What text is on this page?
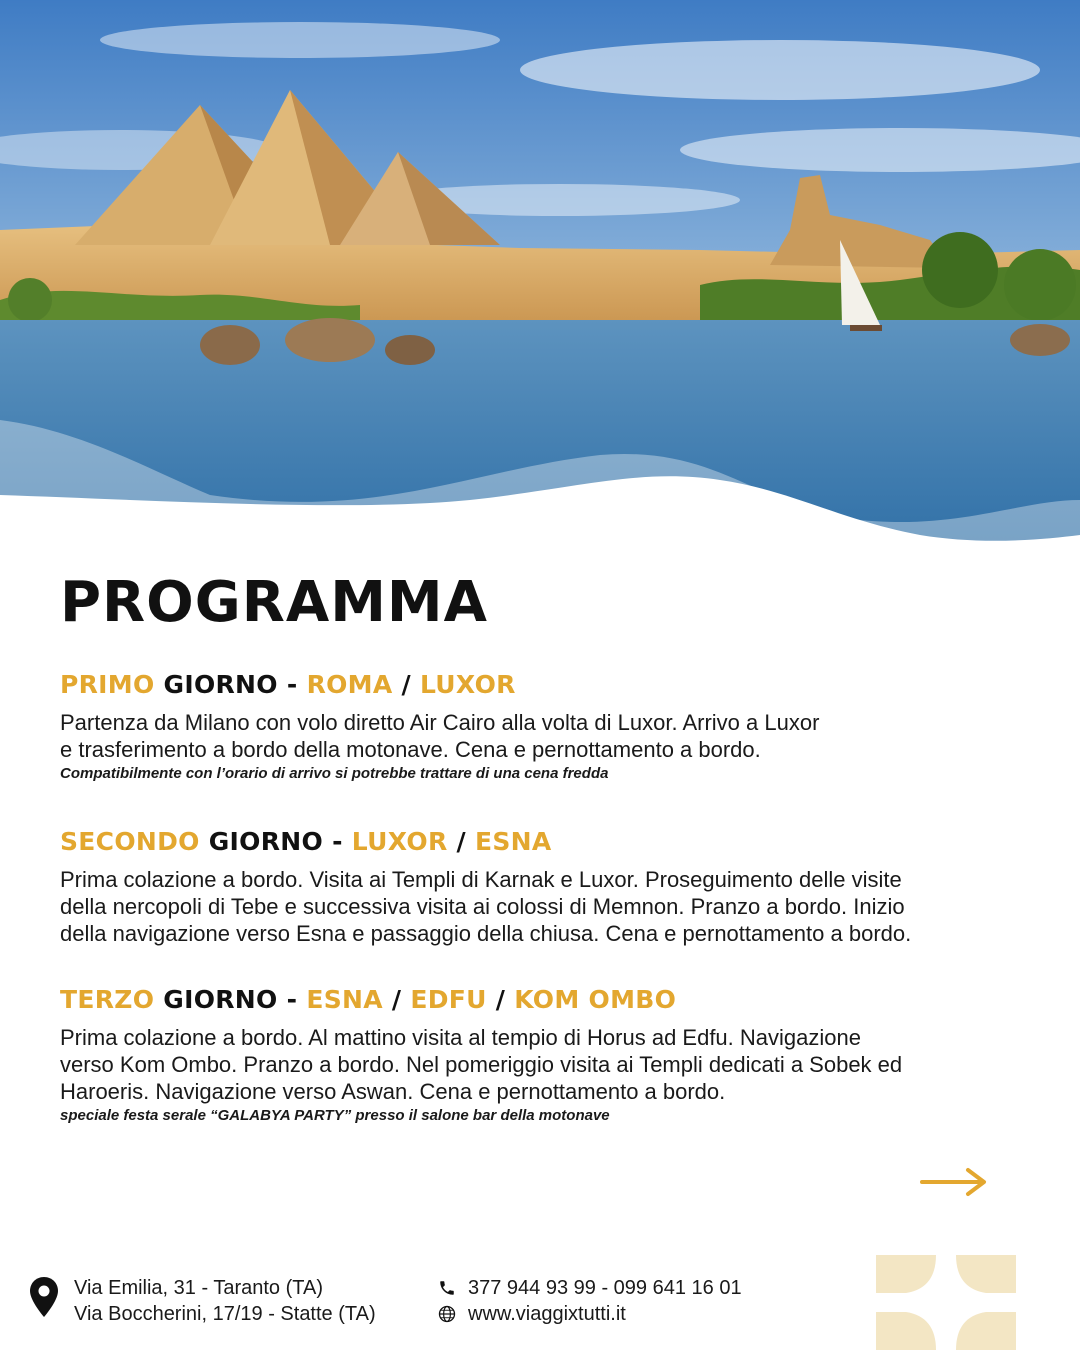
PROGRAMMA
PRIMO GIORNO - ROMA / LUXOR

Partenza da Milano con volo diretto Air Cairo alla volta di Luxor. Arrivo a Luxor
e trasferimento a bordo della motonave. Cena e pernottamento a bordo.

Compatibilmente con l’orario di arrivo si potrebbe trattare di una cena fredda
SECONDO GIORNO - LUXOR / ESNA

Prima colazione a bordo. Visita ai Templi di Karnak e Luxor. Proseguimento delle visite
della nercopoli di Tebe e successiva visita ai colossi di Memnon. Pranzo a bordo. Inizio
della navigazione verso Esna e passaggio della chiusa. Cena e pernottamento a bordo.

TERZO GIORNO - ESNA / EDFU / KOM OMBO

Prima colazione a bordo. Al mattino visita al tempio di Horus ad Edfu. Navigazione
verso Kom Ombo. Pranzo a bordo. Nel pomeriggio visita ai Templi dedicati a Sobek ed
Haroeris. Navigazione verso Aswan. Cena e pernottamento a bordo.

speciale festa serale “GALABYA PARTY” presso il salone bar della motonave
Via Emilia, 31 - Taranto (TA)
Via Boccherini, 17/19 - Statte (TA)
377 944 93 99 - 099 641 16 01
www.viaggixtutti.it
